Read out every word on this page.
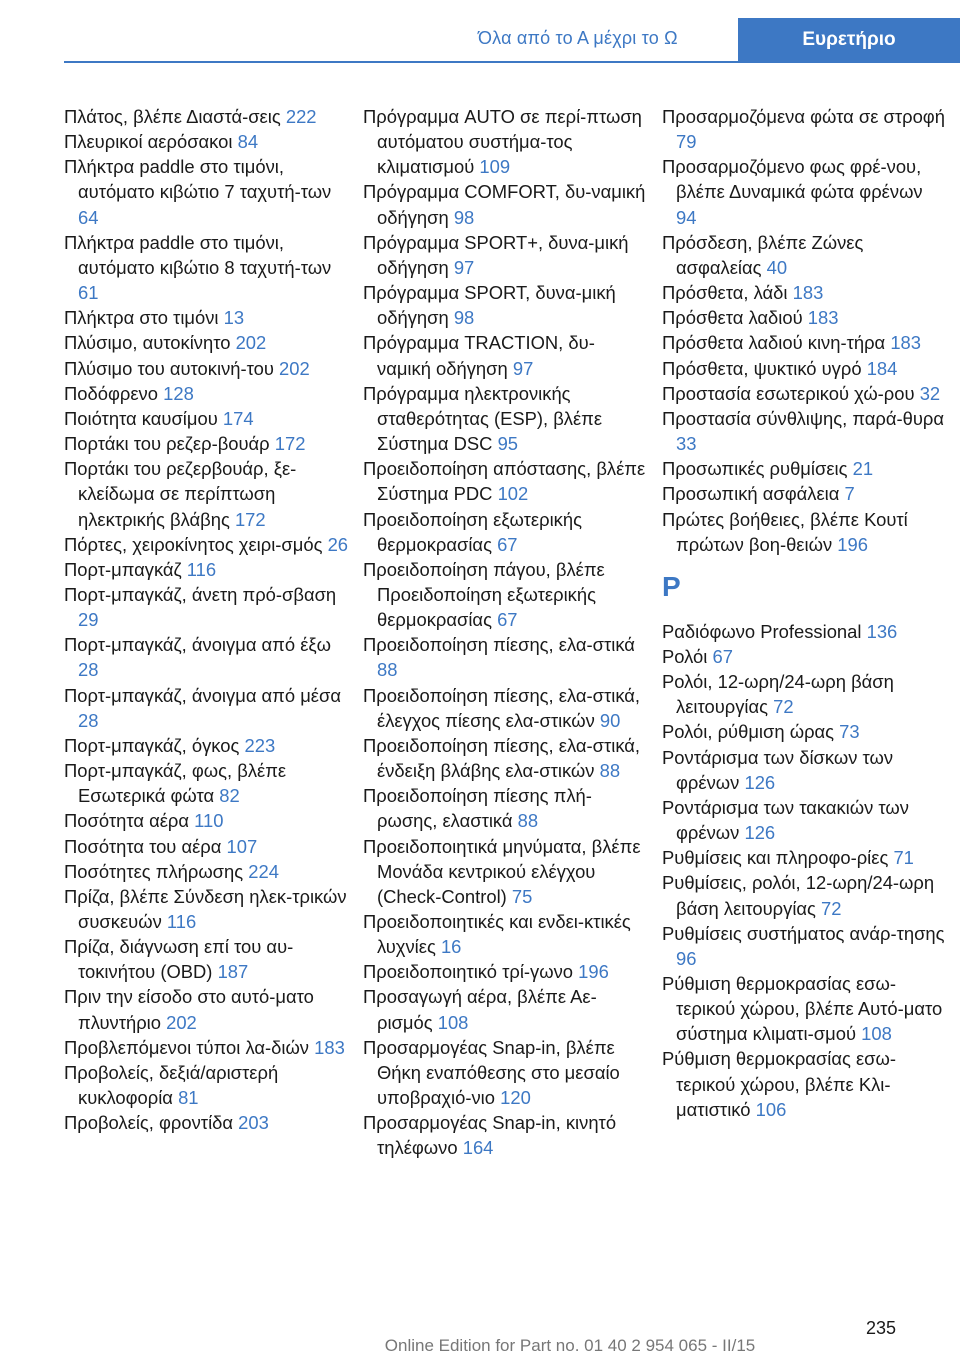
Όλα από το Α μέχρι το Ω	Ευρετήριο

Πλάτος, βλέπε Διαστά-σεις 222

Πλευρικοί αερόσακοι 84

Πλήκτρα paddle στο τιμόνι, αυτόματο κιβώτιο 7 ταχυτή-των 64

Πλήκτρα paddle στο τιμόνι, αυτόματο κιβώτιο 8 ταχυτή-των 61

Πλήκτρα στο τιμόνι 13

Πλύσιμο, αυτοκίνητο 202

Πλύσιμο του αυτοκινή-του 202

Ποδόφρενο 128

Ποιότητα καυσίμου 174

Πορτάκι του ρεζερ-βουάρ 172

Πορτάκι του ρεζερβουάρ, ξε-κλείδωμα σε περίπτωση ηλεκτρικής βλάβης 172

Πόρτες, χειροκίνητος χειρι-σμός 26

Πορτ-μπαγκάζ 116

Πορτ-μπαγκάζ, άνετη πρό-σβαση 29

Πορτ-μπαγκάζ, άνοιγμα από έξω 28

Πορτ-μπαγκάζ, άνοιγμα από μέσα 28

Πορτ-μπαγκάζ, όγκος 223

Πορτ-μπαγκάζ, φως, βλέπε Εσωτερικά φώτα 82

Ποσότητα αέρα 110

Ποσότητα του αέρα 107

Ποσότητες πλήρωσης 224

Πρίζα, βλέπε Σύνδεση ηλεκ-τρικών συσκευών 116

Πρίζα, διάγνωση επί του αυ-τοκινήτου (OBD) 187

Πριν την είσοδο στο αυτό-ματο πλυντήριο 202

Προβλεπόμενοι τύποι λα-διών 183

Προβολείς, δεξιά/αριστερή κυκλοφορία 81

Προβολείς, φροντίδα 203

Πρόγραμμα AUTO σε περί-πτωση αυτόματου συστήμα-τος κλιματισμού 109

Πρόγραμμα COMFORT, δυ-ναμική οδήγηση 98

Πρόγραμμα SPORT+, δυνα-μική οδήγηση 97

Πρόγραμμα SPORT, δυνα-μική οδήγηση 98

Πρόγραμμα TRACTION, δυ-ναμική οδήγηση 97

Πρόγραμμα ηλεκτρονικής σταθερότητας (ESP), βλέπε Σύστημα DSC 95

Προειδοποίηση απόστασης, βλέπε Σύστημα PDC 102

Προειδοποίηση εξωτερικής θερμοκρασίας 67

Προειδοποίηση πάγου, βλέπε Προειδοποίηση εξωτερικής θερμοκρασίας 67

Προειδοποίηση πίεσης, ελα-στικά 88

Προειδοποίηση πίεσης, ελα-στικά, έλεγχος πίεσης ελα-στικών 90

Προειδοποίηση πίεσης, ελα-στικά, ένδειξη βλάβης ελα-στικών 88

Προειδοποίηση πίεσης πλή-ρωσης, ελαστικά 88

Προειδοποιητικά μηνύματα, βλέπε Μονάδα κεντρικού ελέγχου (Check-Control) 75

Προειδοποιητικές και ενδει-κτικές λυχνίες 16

Προειδοποιητικό τρί-γωνο 196

Προσαγωγή αέρα, βλέπε Αε-ρισμός 108

Προσαρμογέας Snap-in, βλέπε Θήκη εναπόθεσης στο μεσαίο υποβραχιό-νιο 120

Προσαρμογέας Snap-in, κινητό τηλέφωνο 164

Προσαρμοζόμενα φώτα σε στροφή 79

Προσαρμοζόμενο φως φρέ-νου, βλέπε Δυναμικά φώτα φρένων 94

Πρόσδεση, βλέπε Ζώνες ασφαλείας 40

Πρόσθετα, λάδι 183

Πρόσθετα λαδιού 183

Πρόσθετα λαδιού κινη-τήρα 183

Πρόσθετα, ψυκτικό υγρό 184

Προστασία εσωτερικού χώ-ρου 32

Προστασία σύνθλιψης, παρά-θυρα 33

Προσωπικές ρυθμίσεις 21

Προσωπική ασφάλεια 7

Πρώτες βοήθειες, βλέπε Κουτί πρώτων βοη-θειών 196

Ρ

Ραδιόφωνο Professional 136

Ρολόι 67

Ρολόι, 12-ωρη/24-ωρη βάση λειτουργίας 72

Ρολόι, ρύθμιση ώρας 73

Ροντάρισμα των δίσκων των φρένων 126

Ροντάρισμα των τακακιών των φρένων 126

Ρυθμίσεις και πληροφο-ρίες 71

Ρυθμίσεις, ρολόι, 12-ωρη/24-ωρη βάση λειτουργίας 72

Ρυθμίσεις συστήματος ανάρ-τησης 96

Ρύθμιση θερμοκρασίας εσω-τερικού χώρου, βλέπε Αυτό-ματο σύστημα κλιματι-σμού 108

Ρύθμιση θερμοκρασίας εσω-τερικού χώρου, βλέπε Κλι-ματιστικό 106

235
Online Edition for Part no. 01 40 2 954 065 - II/15
